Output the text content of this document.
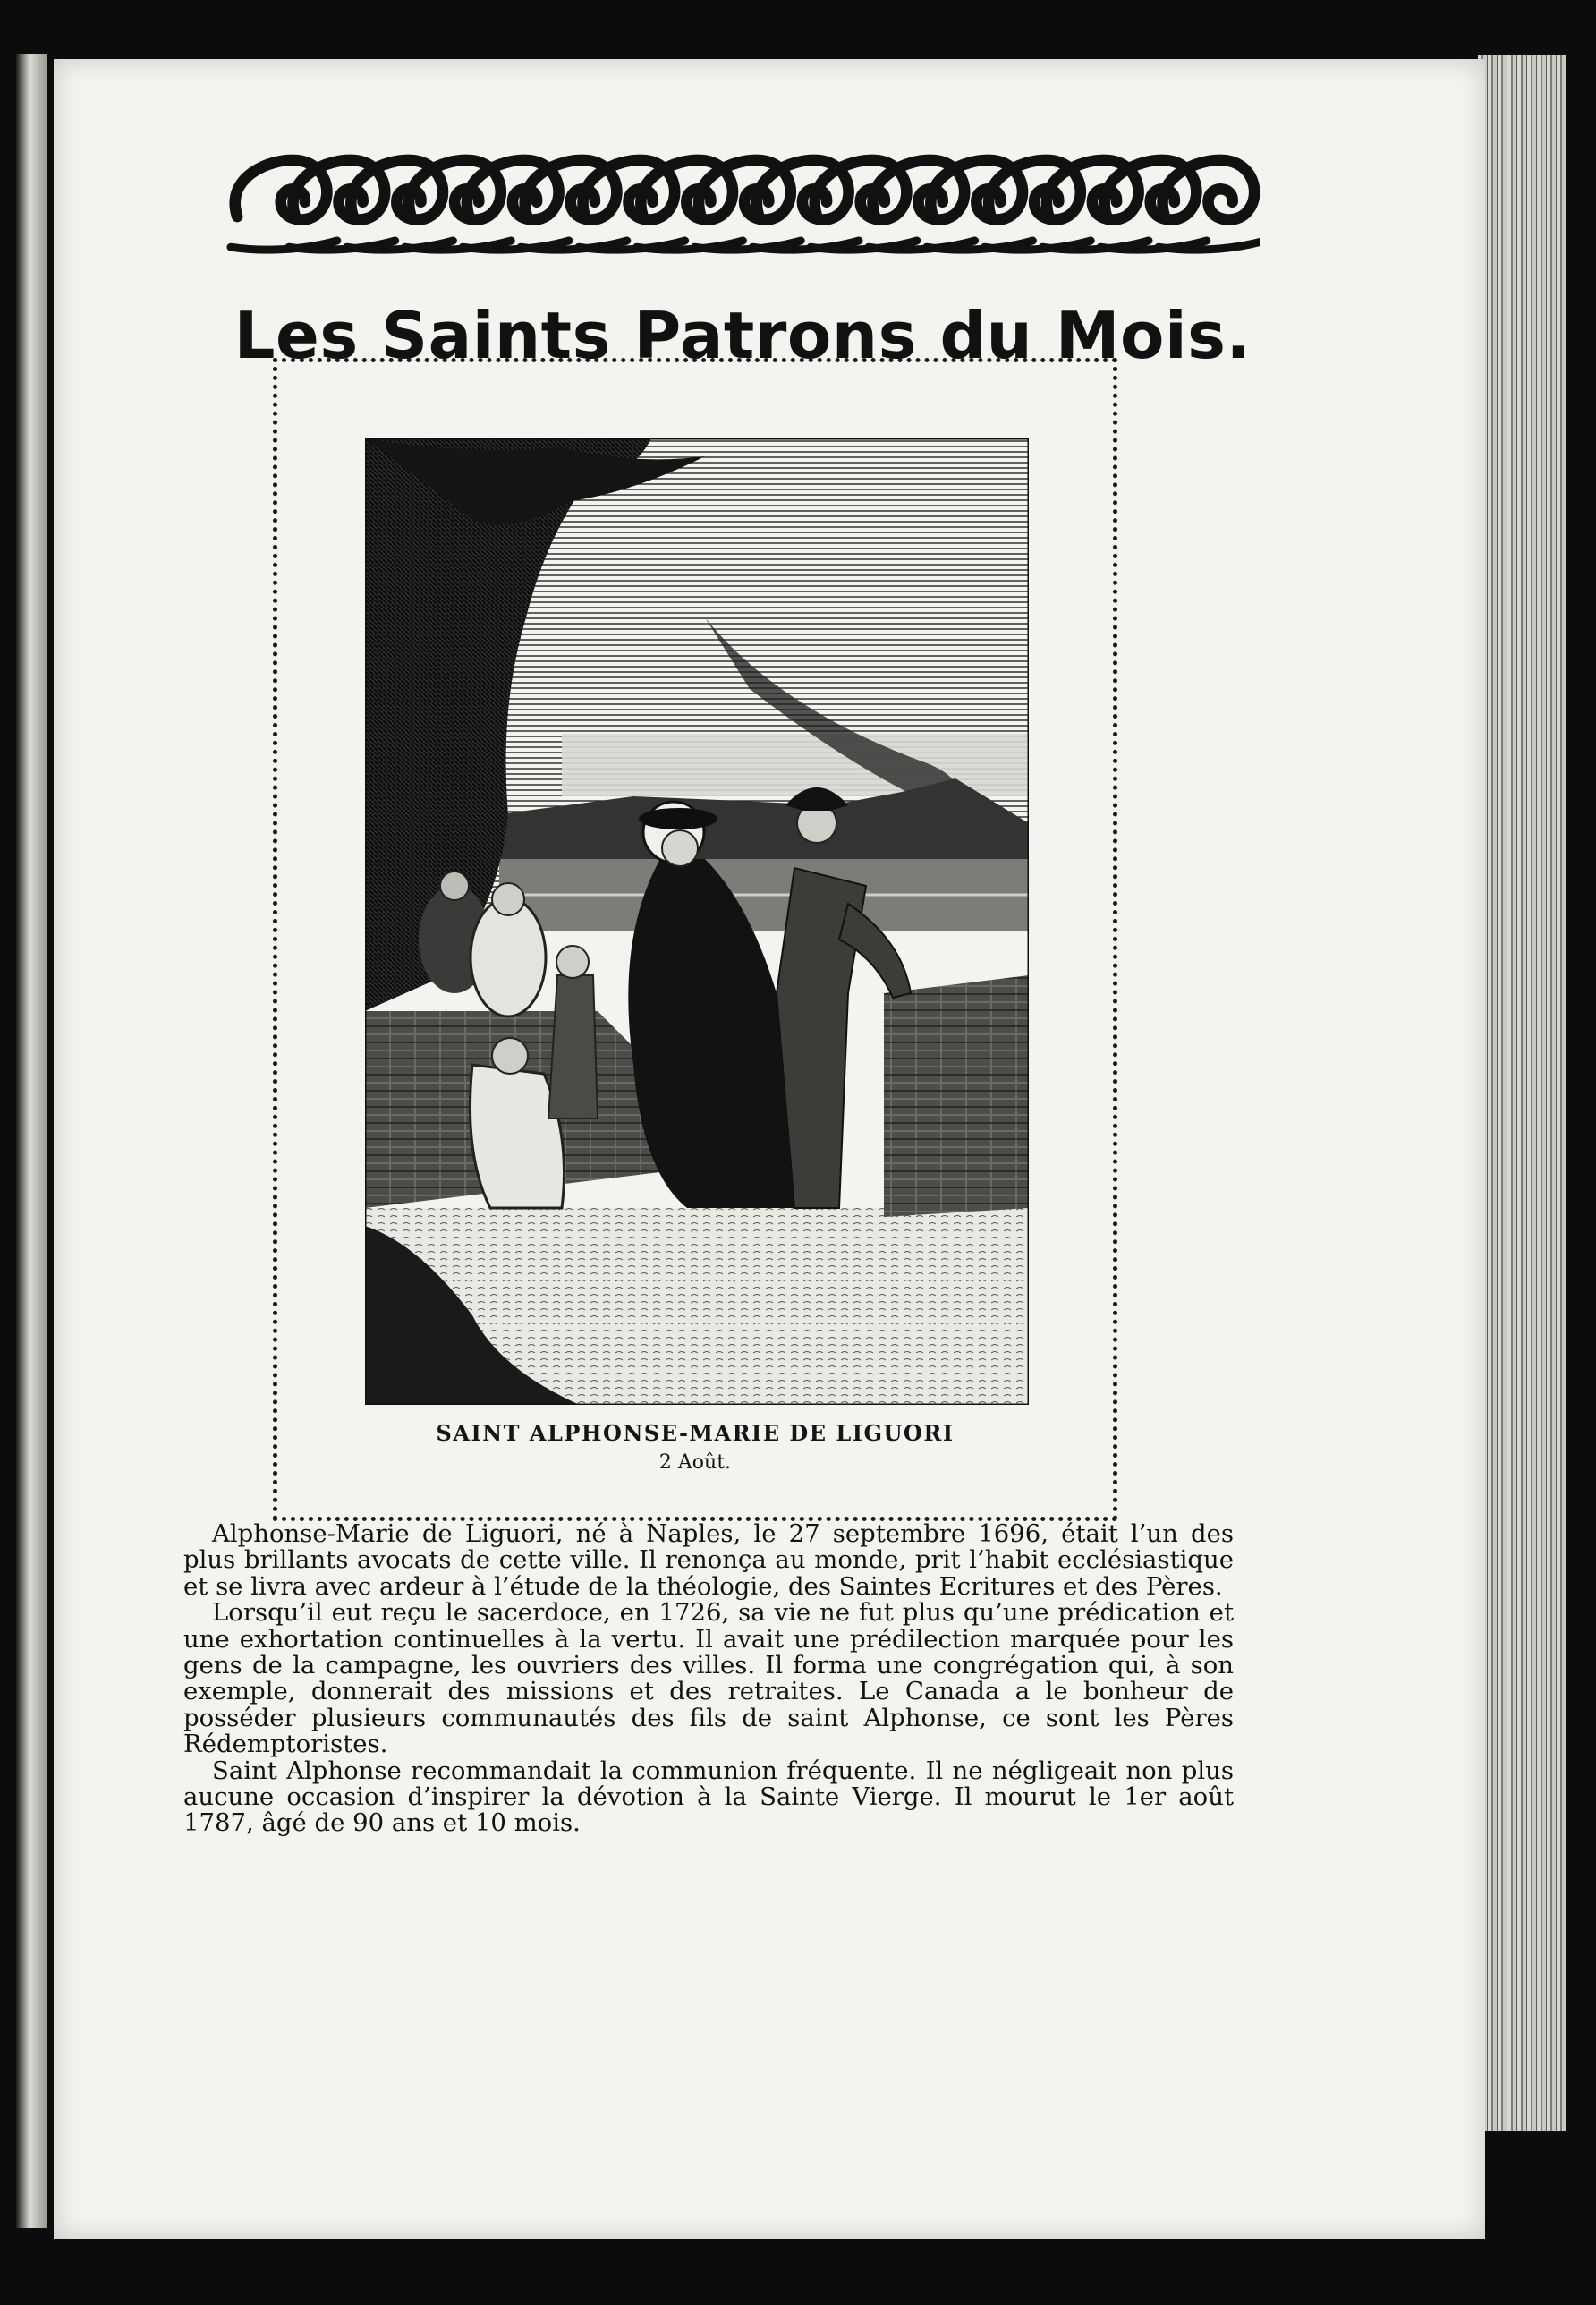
Les Saints Patrons du Mois.
SAINT ALPHONSE-MARIE DE LIGUORI
2 Août.

Alphonse-Marie de Liguori, né à Naples, le 27 septembre 1696, était l’un des plus brillants avocats de cette ville. Il renonça au monde, prit l’habit ecclésiastique et se livra avec ardeur à l’étude de la théologie, des Saintes Ecritures et des Pères.

Lorsqu’il eut reçu le sacerdoce, en 1726, sa vie ne fut plus qu’une prédication et une exhortation continuelles à la vertu. Il avait une prédilection marquée pour les gens de la campagne, les ouvriers des villes. Il forma une congrégation qui, à son exemple, donnerait des missions et des retraites. Le Canada a le bonheur de posséder plusieurs communautés des fils de saint Alphonse, ce sont les Pères Rédemptoristes.

Saint Alphonse recommandait la communion fréquente. Il ne négligeait non plus aucune occasion d’inspirer la dévotion à la Sainte Vierge. Il mourut le 1er août 1787, âgé de 90 ans et 10 mois.
